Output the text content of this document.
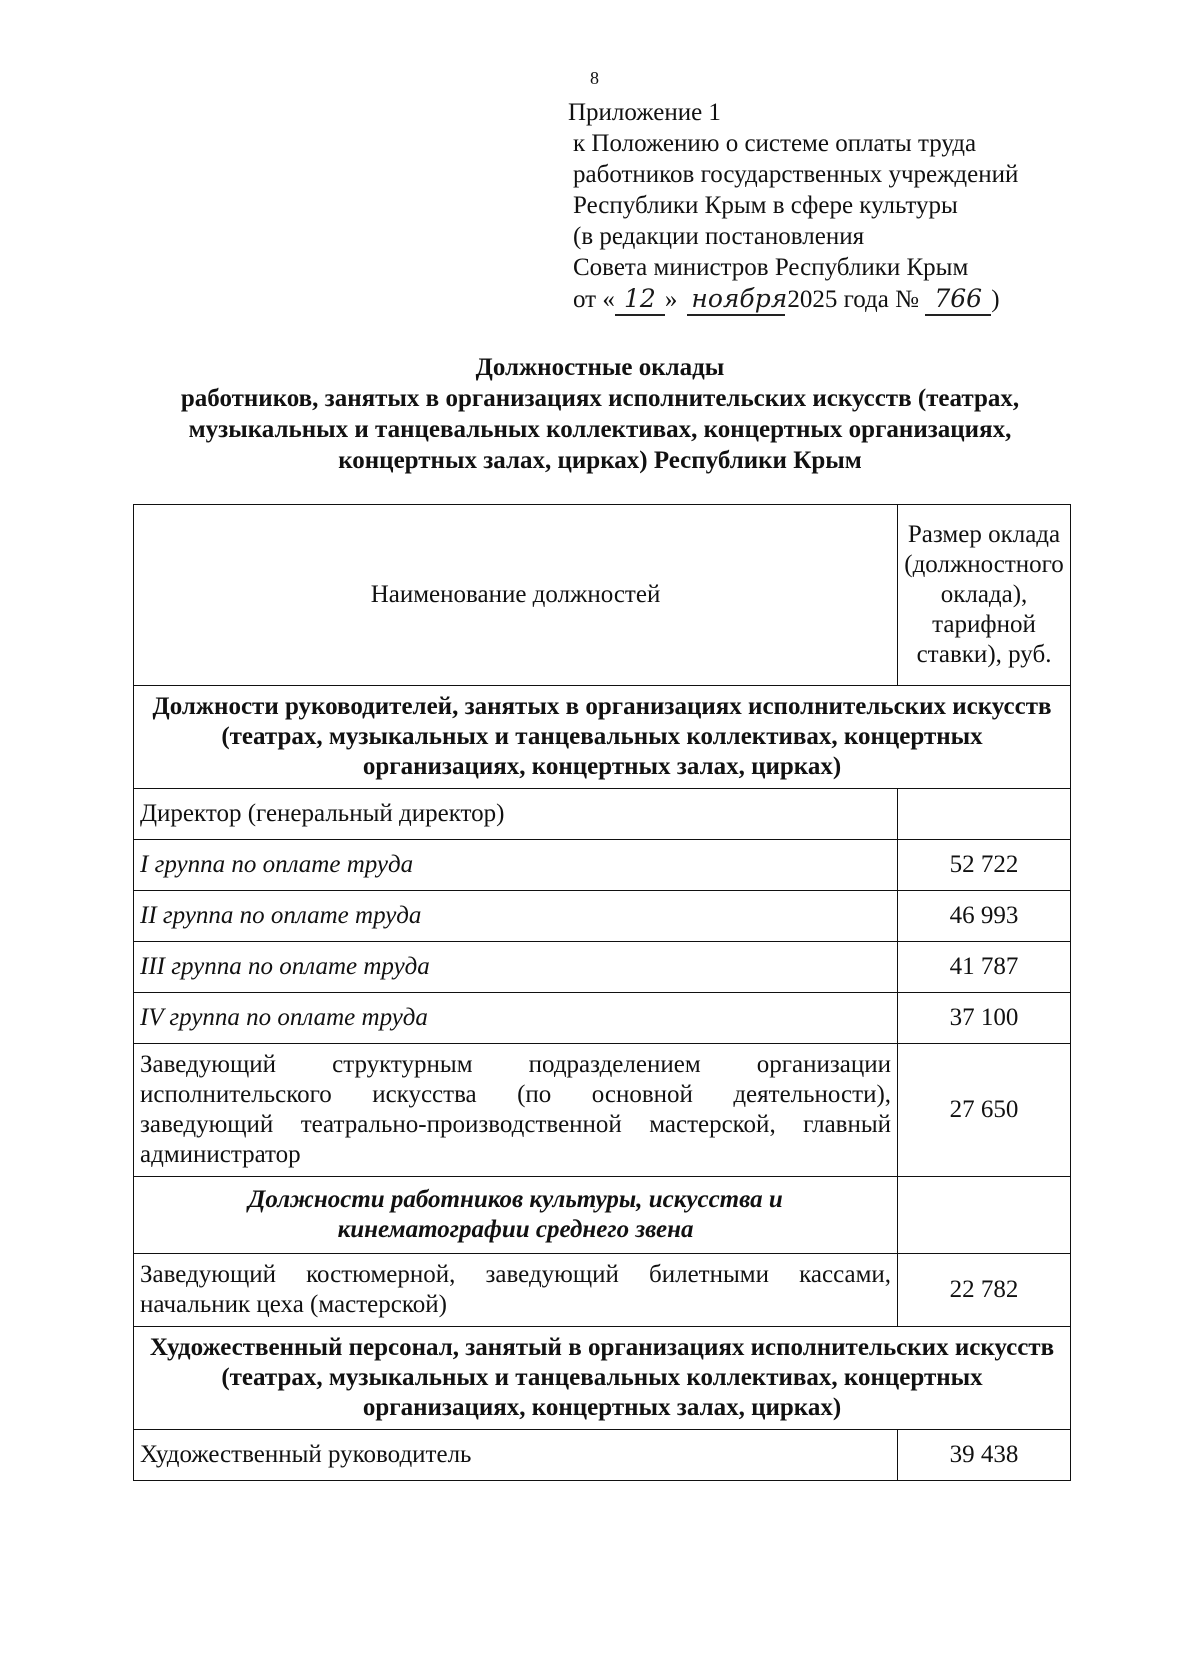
8
Приложение 1
к Положению о системе оплаты труда
работников государственных учреждений
Республики Крым в сфере культуры
(в редакции постановления
Совета министров Республики Крым
от « 12 » ноября2025 года № 766 )
Должностные оклады
работников, занятых в организациях исполнительских искусств (театрах,
музыкальных и танцевальных коллективах, концертных организациях,
концертных залах, цирках) Республики Крым
Наименование должностей	Размер оклада (должностного оклада), тарифной ставки), руб.
Должности руководителей, занятых в организациях исполнительских искусств (театрах, музыкальных и танцевальных коллективах, концертных организациях, концертных залах, цирках)	
Директор (генеральный директор)	
I группа по оплате труда	52 722
II группа по оплате труда	46 993
III группа по оплате труда	41 787
IV группа по оплате труда	37 100
Заведующий структурным подразделением организации исполнительского искусства (по основной деятельности), заведующий театрально-производственной мастерской, главный администратор	27 650
Должности работников культуры, искусства и кинематографии среднего звена	
Заведующий костюмерной, заведующий билетными кассами, начальник цеха (мастерской)	22 782
Художественный персонал, занятый в организациях исполнительских искусств (театрах, музыкальных и танцевальных коллективах, концертных организациях, концертных залах, цирках)	
Художественный руководитель	39 438
